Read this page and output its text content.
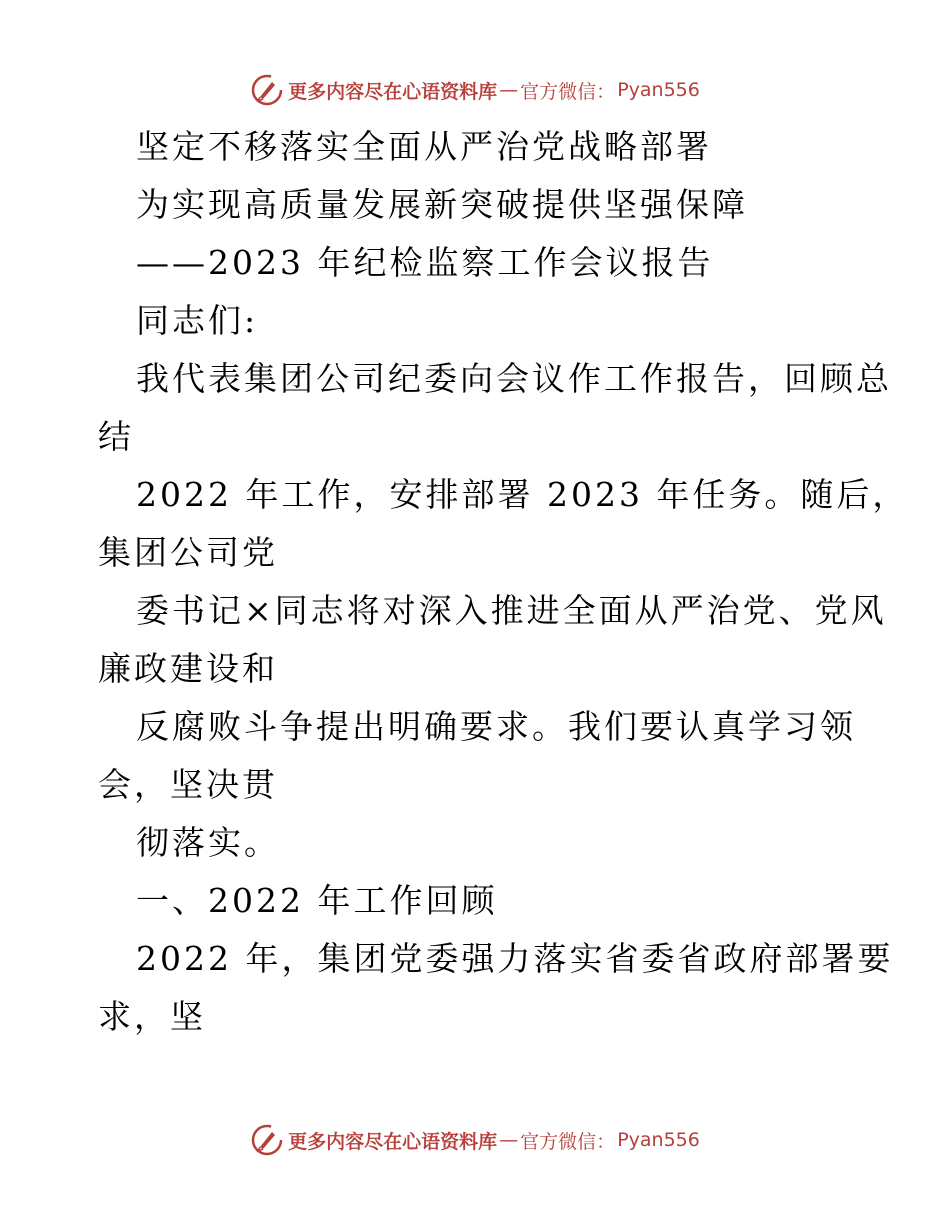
更多内容尽在心语资料库 — 官方微信： Pyan556
坚定不移落实全面从严治党战略部署
为实现高质量发展新突破提供坚强保障
——2023 年纪检监察工作会议报告
同志们:
我代表集团公司纪委向会议作工作报告，回顾总
结
2022 年工作，安排部署 2023 年任务。随后，
集团公司党
委书记×同志将对深入推进全面从严治党、党风
廉政建设和
反腐败斗争提出明确要求。我们要认真学习领
会，坚决贯
彻落实。
一、2022 年工作回顾
2022 年，集团党委强力落实省委省政府部署要
求，坚
更多内容尽在心语资料库 — 官方微信： Pyan556
